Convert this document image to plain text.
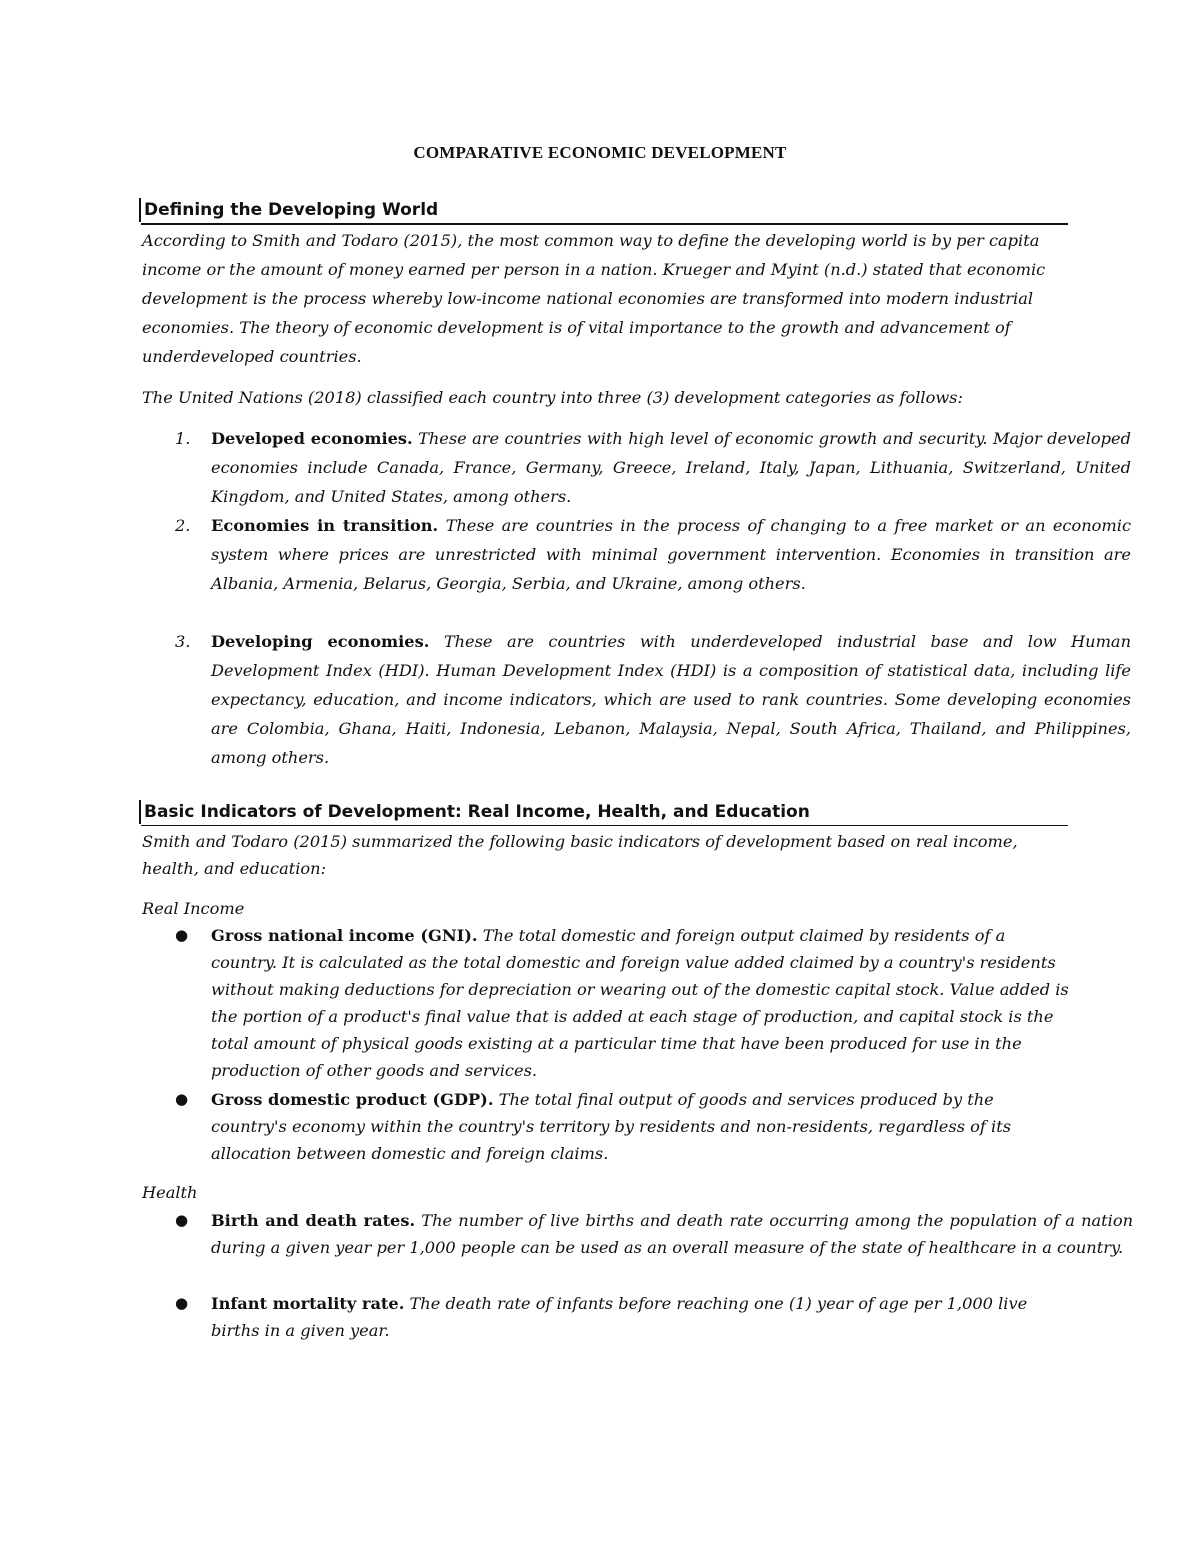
COMPARATIVE ECONOMIC DEVELOPMENT
Defining the Developing World

According to Smith and Todaro (2015), the most common way to define the developing world is by per capita income or the amount of money earned per person in a nation. Krueger and Myint (n.d.) stated that economic development is the process whereby low-income national economies are transformed into modern industrial economies. The theory of economic development is of vital importance to the growth and advancement of underdeveloped countries.

The United Nations (2018) classified each country into three (3) development categories as follows:

1. Developed economies. These are countries with high level of economic growth and security. Major developed economies include Canada, France, Germany, Greece, Ireland, Italy, Japan, Lithuania, Switzerland, United Kingdom, and United States, among others.
2. Economies in transition. These are countries in the process of changing to a free market or an economic system where prices are unrestricted with minimal government intervention. Economies in transition are Albania, Armenia, Belarus, Georgia, Serbia, and Ukraine, among others.
3. Developing economies. These are countries with underdeveloped industrial base and low Human Development Index (HDI). Human Development Index (HDI) is a composition of statistical data, including life expectancy, education, and income indicators, which are used to rank countries. Some developing economies are Colombia, Ghana, Haiti, Indonesia, Lebanon, Malaysia, Nepal, South Africa, Thailand, and Philippines, among others.
Basic Indicators of Development: Real Income, Health, and Education

Smith and Todaro (2015) summarized the following basic indicators of development based on real income, health, and education:

Real Income
● Gross national income (GNI). The total domestic and foreign output claimed by residents of a country. It is calculated as the total domestic and foreign value added claimed by a country's residents without making deductions for depreciation or wearing out of the domestic capital stock. Value added is the portion of a product's final value that is added at each stage of production, and capital stock is the total amount of physical goods existing at a particular time that have been produced for use in the production of other goods and services.
● Gross domestic product (GDP). The total final output of goods and services produced by the country's economy within the country's territory by residents and non-residents, regardless of its allocation between domestic and foreign claims.
Health
● Birth and death rates. The number of live births and death rate occurring among the population of a nation during a given year per 1,000 people can be used as an overall measure of the state of healthcare in a country.
● Infant mortality rate. The death rate of infants before reaching one (1) year of age per 1,000 live births in a given year.
